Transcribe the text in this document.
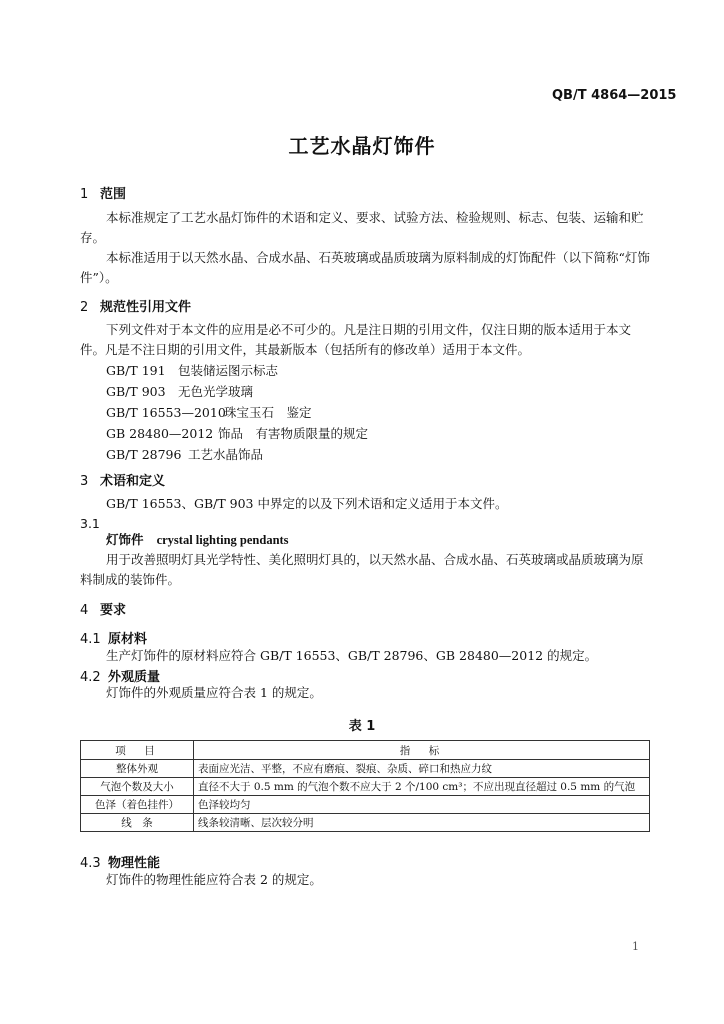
QB/T 4864—2015
工艺水晶灯饰件
1 范围
本标准规定了工艺水晶灯饰件的术语和定义、要求、试验方法、检验规则、标志、包装、运输和贮存。
本标准适用于以天然水晶、合成水晶、石英玻璃或晶质玻璃为原料制成的灯饰配件（以下简称“灯饰件”）。
2 规范性引用文件
下列文件对于本文件的应用是必不可少的。凡是注日期的引用文件，仅注日期的版本适用于本文件。凡是不注日期的引用文件，其最新版本（包括所有的修改单）适用于本文件。
GB/T 191 包装储运图示标志
GB/T 903 无色光学玻璃
GB/T 16553—2010珠宝玉石　鉴定
GB 28480—2012 饰品　有害物质限量的规定
GB/T 28796 工艺水晶饰品
3 术语和定义
GB/T 16553、GB/T 903 中界定的以及下列术语和定义适用于本文件。
3.1
灯饰件 crystal lighting pendants
用于改善照明灯具光学特性、美化照明灯具的，以天然水晶、合成水晶、石英玻璃或晶质玻璃为原料制成的装饰件。
4 要求
4.1 原材料
生产灯饰件的原材料应符合 GB/T 16553、GB/T 28796、GB 28480—2012 的规定。
4.2 外观质量
灯饰件的外观质量应符合表 1 的规定。
表 1
项　目	指　标
整体外观	表面应光洁、平整，不应有磨痕、裂痕、杂质、碎口和热应力纹
气泡个数及大小	直径不大于 0.5 mm 的气泡个数不应大于 2 个/100 cm³；不应出现直径超过 0.5 mm 的气泡
色泽（着色挂件）	色泽较均匀
线　条	线条较清晰、层次较分明
4.3 物理性能
灯饰件的物理性能应符合表 2 的规定。
1
